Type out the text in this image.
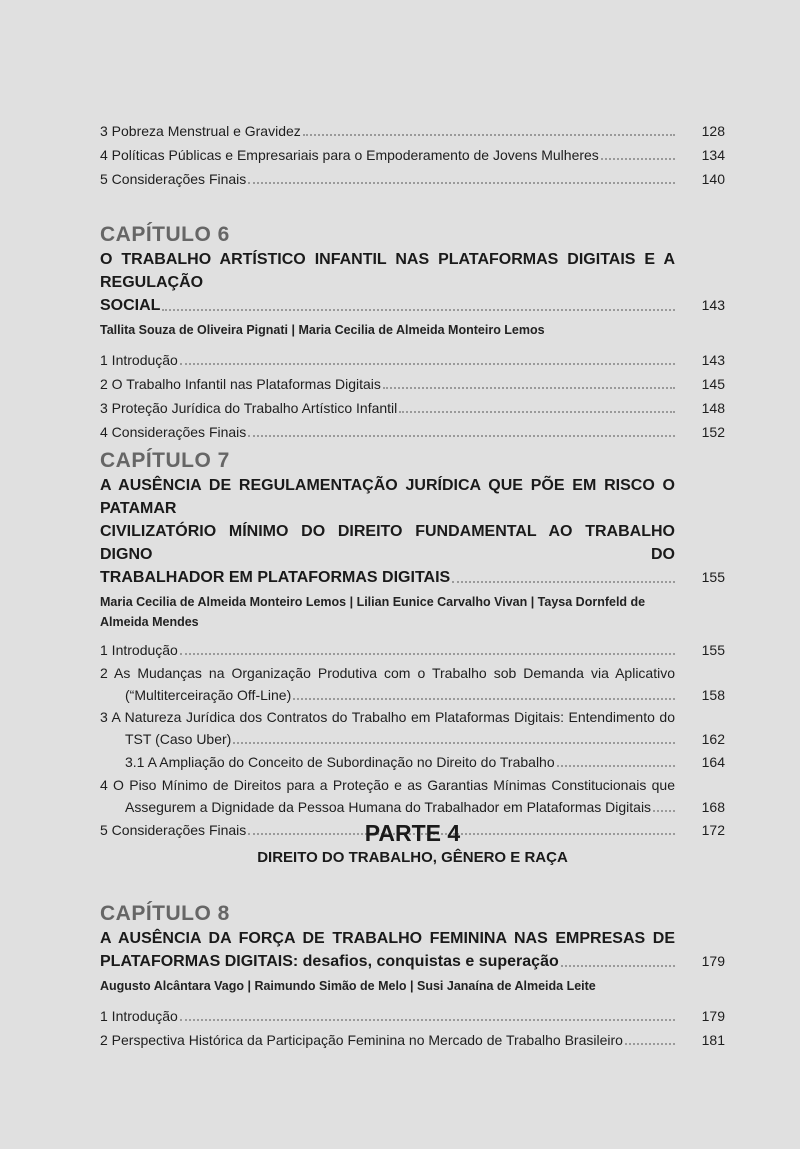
3 Pobreza Menstrual e Gravidez	128
4 Políticas Públicas e Empresariais para o Empoderamento de Jovens Mulheres	134
5 Considerações Finais	140
CAPÍTULO 6
O TRABALHO ARTÍSTICO INFANTIL NAS PLATAFORMAS DIGITAIS E A REGULAÇÃO
SOCIAL	143
Tallita Souza de Oliveira Pignati | Maria Cecilia de Almeida Monteiro Lemos
1 Introdução	143
2 O Trabalho Infantil nas Plataformas Digitais	145
3 Proteção Jurídica do Trabalho Artístico Infantil	148
4 Considerações Finais	152
CAPÍTULO 7
A AUSÊNCIA DE REGULAMENTAÇÃO JURÍDICA QUE PÕE EM RISCO O PATAMAR
CIVILIZATÓRIO MÍNIMO DO DIREITO FUNDAMENTAL AO TRABALHO DIGNO DO
TRABALHADOR EM PLATAFORMAS DIGITAIS	155
Maria Cecilia de Almeida Monteiro Lemos | Lilian Eunice Carvalho Vivan | Taysa Dornfeld de
Almeida Mendes
1 Introdução	155
2 As Mudanças na Organização Produtiva com o Trabalho sob Demanda via Aplicativo
(“Multiterceiração Off-Line)	158
3 A Natureza Jurídica dos Contratos do Trabalho em Plataformas Digitais: Entendimento do
TST (Caso Uber)	162
3.1 A Ampliação do Conceito de Subordinação no Direito do Trabalho	164
4 O Piso Mínimo de Direitos para a Proteção e as Garantias Mínimas Constitucionais que
Assegurem a Dignidade da Pessoa Humana do Trabalhador em Plataformas Digitais	168
5 Considerações Finais	172
PARTE 4
DIREITO DO TRABALHO, GÊNERO E RAÇA
CAPÍTULO 8
A AUSÊNCIA DA FORÇA DE TRABALHO FEMININA NAS EMPRESAS DE
PLATAFORMAS DIGITAIS: desafios, conquistas e superação	179
Augusto Alcântara Vago | Raimundo Simão de Melo | Susi Janaína de Almeida Leite
1 Introdução	179
2 Perspectiva Histórica da Participação Feminina no Mercado de Trabalho Brasileiro	181
